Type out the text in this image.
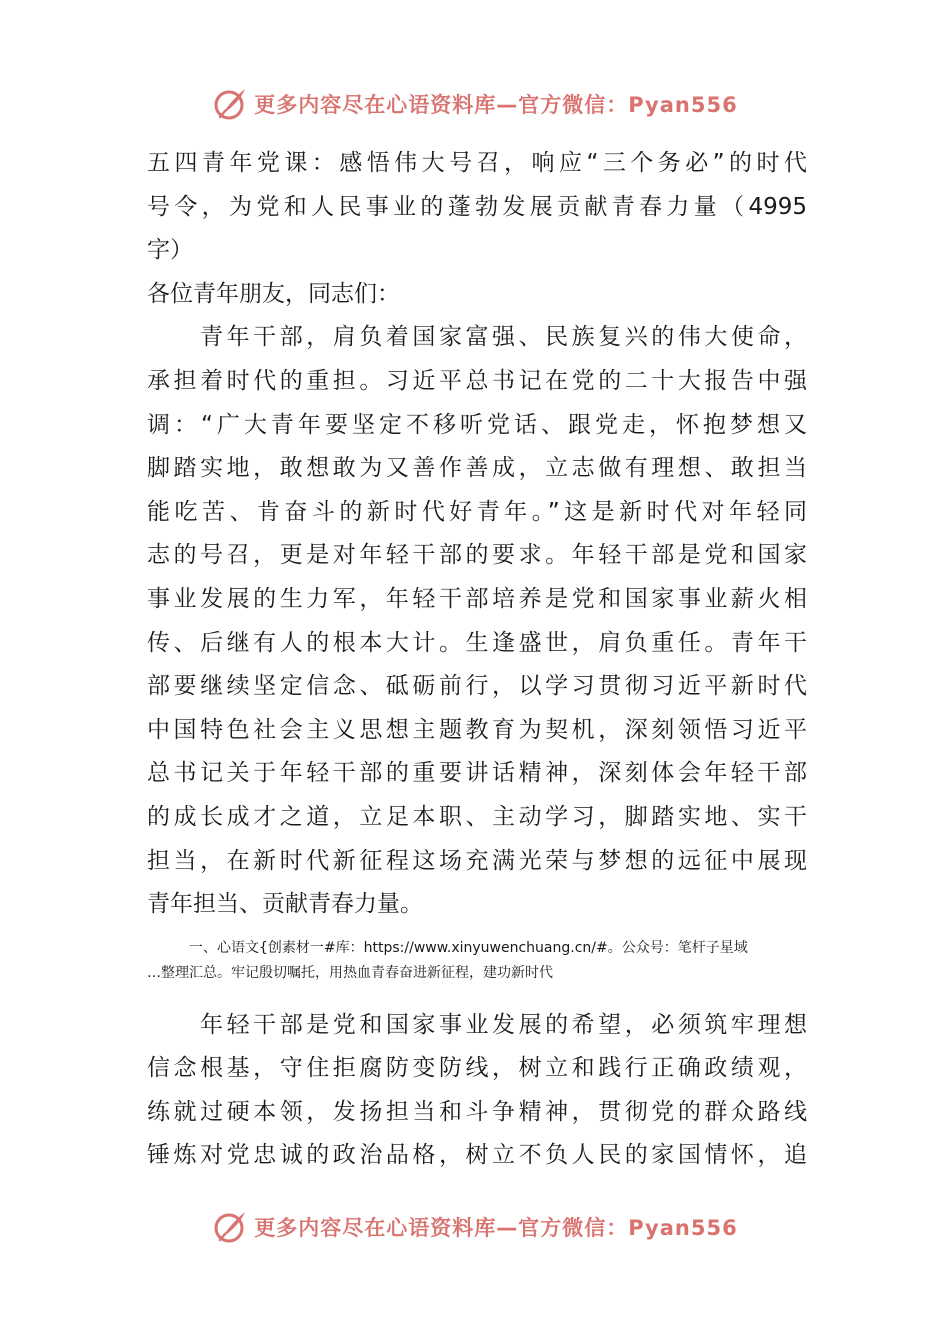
更多内容尽在心语资料库—官方微信：Pyan556
五四青年党课：感悟伟大号召，响应“三个务必”的时代
号令，为党和人民事业的蓬勃发展贡献青春力量（4995
字）
各位青年朋友，同志们：
　　青年干部，肩负着国家富强、民族复兴的伟大使命，
承担着时代的重担。习近平总书记在党的二十大报告中强
调：“广大青年要坚定不移听党话、跟党走，怀抱梦想又
脚踏实地，敢想敢为又善作善成，立志做有理想、敢担当
能吃苦、肯奋斗的新时代好青年。”这是新时代对年轻同
志的号召，更是对年轻干部的要求。年轻干部是党和国家
事业发展的生力军，年轻干部培养是党和国家事业薪火相
传、后继有人的根本大计。生逢盛世，肩负重任。青年干
部要继续坚定信念、砥砺前行，以学习贯彻习近平新时代
中国特色社会主义思想主题教育为契机，深刻领悟习近平
总书记关于年轻干部的重要讲话精神，深刻体会年轻干部
的成长成才之道，立足本职、主动学习，脚踏实地、实干
担当，在新时代新征程这场充满光荣与梦想的远征中展现
青年担当、贡献青春力量。
　　　一、心语文{创素材一#库：https://www.xinyuwenchuang.cn/#。公众号：笔杆子星域
…整理汇总。牢记殷切嘱托，用热血青春奋进新征程，建功新时代
　　年轻干部是党和国家事业发展的希望，必须筑牢理想
信念根基，守住拒腐防变防线，树立和践行正确政绩观，
练就过硬本领，发扬担当和斗争精神，贯彻党的群众路线
锤炼对党忠诚的政治品格，树立不负人民的家国情怀，追
更多内容尽在心语资料库—官方微信：Pyan556
